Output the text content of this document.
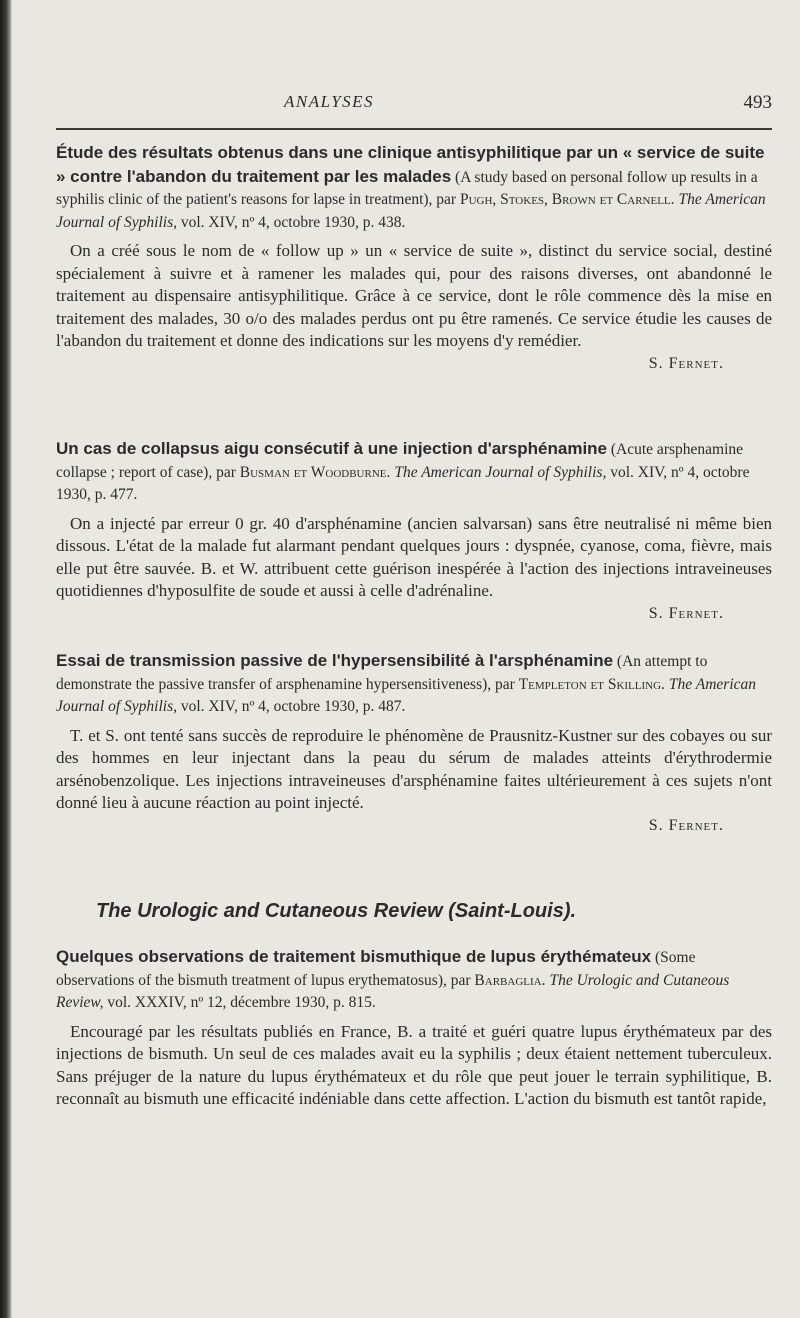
ANALYSES	493

Étude des résultats obtenus dans une clinique antisyphilitique par un « service de suite » contre l'abandon du traitement par les malades (A study based on personal follow up results in a syphilis clinic of the patient's reasons for lapse in treatment), par Pugh, Stokes, Brown et Carnell. The American Journal of Syphilis, vol. XIV, nº 4, octobre 1930, p. 438.

On a créé sous le nom de « follow up » un « service de suite », distinct du service social, destiné spécialement à suivre et à ramener les malades qui, pour des raisons diverses, ont abandonné le traitement au dispensaire antisyphilitique. Grâce à ce service, dont le rôle commence dès la mise en traitement des malades, 30 o/o des malades perdus ont pu être ramenés. Ce service étudie les causes de l'abandon du traitement et donne des indications sur les moyens d'y remédier.

S. Fernet.

Un cas de collapsus aigu consécutif à une injection d'arsphénamine (Acute arsphenamine collapse ; report of case), par Busman et Woodburne. The American Journal of Syphilis, vol. XIV, nº 4, octobre 1930, p. 477.

On a injecté par erreur 0 gr. 40 d'arsphénamine (ancien salvarsan) sans être neutralisé ni même bien dissous. L'état de la malade fut alarmant pendant quelques jours : dyspnée, cyanose, coma, fièvre, mais elle put être sauvée. B. et W. attribuent cette guérison inespérée à l'action des injections intraveineuses quotidiennes d'hyposulfite de soude et aussi à celle d'adrénaline.

S. Fernet.

Essai de transmission passive de l'hypersensibilité à l'arsphénamine (An attempt to demonstrate the passive transfer of arsphenamine hypersensitiveness), par Templeton et Skilling. The American Journal of Syphilis, vol. XIV, nº 4, octobre 1930, p. 487.

T. et S. ont tenté sans succès de reproduire le phénomène de Prausnitz-Kustner sur des cobayes ou sur des hommes en leur injectant dans la peau du sérum de malades atteints d'érythrodermie arsénobenzolique. Les injections intraveineuses d'arsphénamine faites ultérieurement à ces sujets n'ont donné lieu à aucune réaction au point injecté.

S. Fernet.
The Urologic and Cutaneous Review (Saint-Louis).

Quelques observations de traitement bismuthique de lupus érythémateux (Some observations of the bismuth treatment of lupus erythematosus), par Barbaglia. The Urologic and Cutaneous Review, vol. XXXIV, nº 12, décembre 1930, p. 815.

Encouragé par les résultats publiés en France, B. a traité et guéri quatre lupus érythémateux par des injections de bismuth. Un seul de ces malades avait eu la syphilis ; deux étaient nettement tuberculeux. Sans préjuger de la nature du lupus érythémateux et du rôle que peut jouer le terrain syphilitique, B. reconnaît au bismuth une efficacité indéniable dans cette affection. L'action du bismuth est tantôt rapide,
